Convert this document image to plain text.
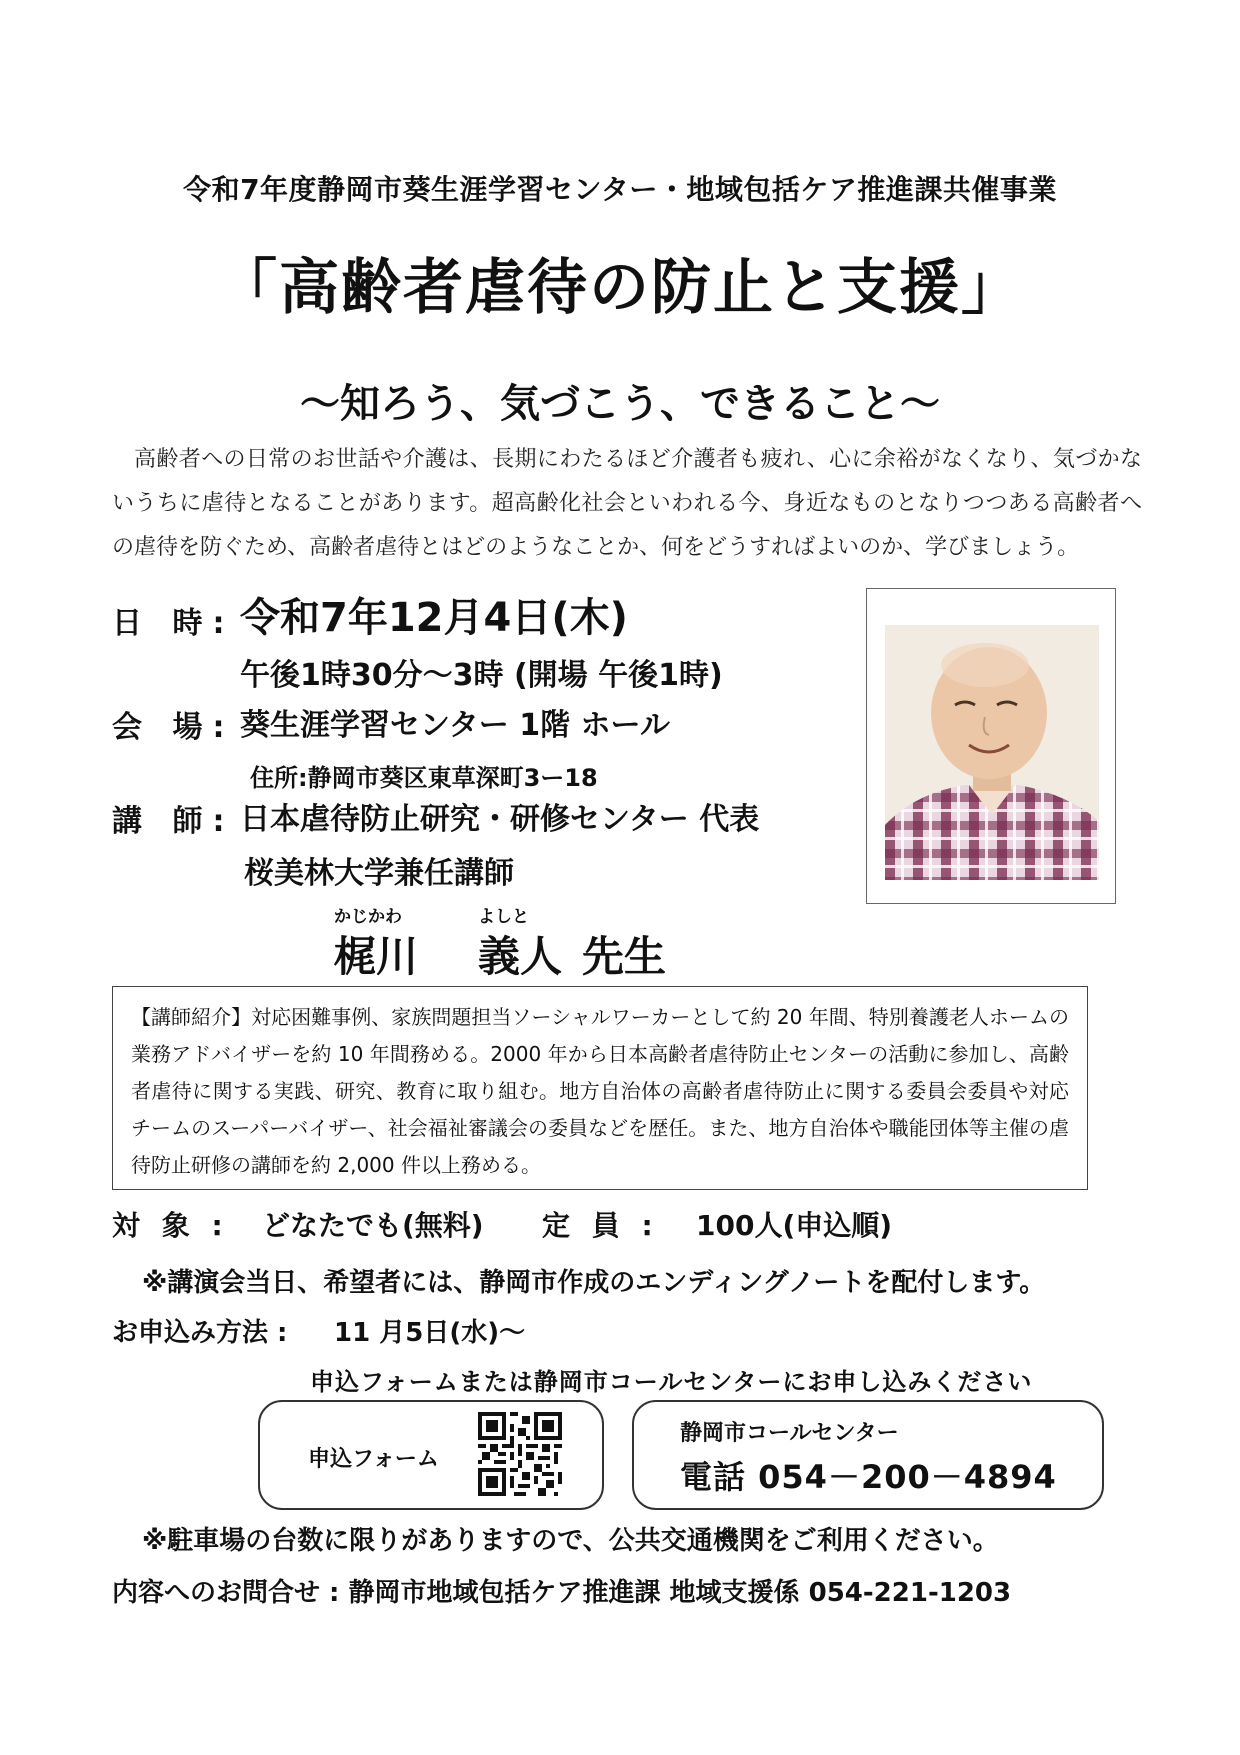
令和7年度静岡市葵生涯学習センター・地域包括ケア推進課共催事業
「高齢者虐待の防止と支援」
～知ろう、気づこう、できること～

高齢者への日常のお世話や介護は、長期にわたるほど介護者も疲れ、心に余裕がなくなり、気づかないうちに虐待となることがあります。超高齢化社会といわれる今、身近なものとなりつつある高齢者への虐待を防ぐため、高齢者虐待とはどのようなことか、何をどうすればよいのか、学びましょう。

日 時: 令和7年12月4日(木)
午後1時30分～3時 (開場 午後1時)
会 場: 葵生涯学習センター 1階 ホール
住所:静岡市葵区東草深町3ー18
講 師: 日本虐待防止研究・研修センター 代表
桜美林大学兼任講師
かじかわ	よしと
梶川 義人 先生

【講師紹介】対応困難事例、家族問題担当ソーシャルワーカーとして約 20 年間、特別養護老人ホームの業務アドバイザーを約 10 年間務める。2000 年から日本高齢者虐待防止センターの活動に参加し、高齢者虐待に関する実践、研究、教育に取り組む。地方自治体の高齢者虐待防止に関する委員会委員や対応チームのスーパーバイザー、社会福祉審議会の委員などを歴任。また、地方自治体や職能団体等主催の虐待防止研修の講師を約 2,000 件以上務める。

対 象 : どなたでも(無料) 定 員 : 100人(申込順)
※講演会当日、希望者には、静岡市作成のエンディングノートを配付します。
お申込み方法 : 11 月5日(水)～
申込フォームまたは静岡市コールセンターにお申し込みください
申込フォーム
静岡市コールセンター
電話 054－200－4894
※駐車場の台数に限りがありますので、公共交通機関をご利用ください。
内容へのお問合せ : 静岡市地域包括ケア推進課 地域支援係 054-221-1203
